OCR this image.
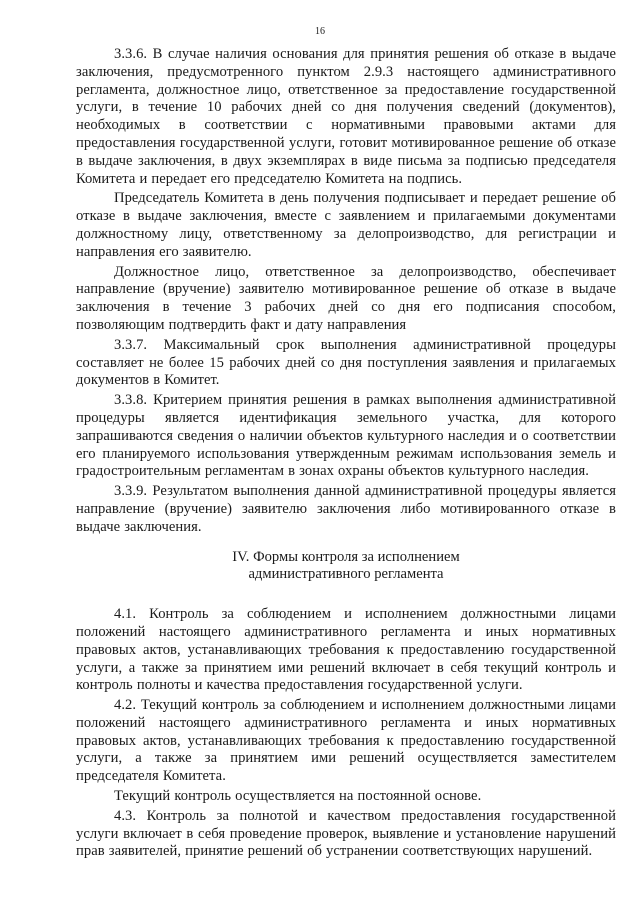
16

3.3.6. В случае наличия основания для принятия решения об отказе в выдаче заключения, предусмотренного пунктом 2.9.3 настоящего административного регламента, должностное лицо, ответственное за предоставление государственной услуги, в течение 10 рабочих дней со дня получения сведений (документов), необходимых в соответствии с нормативными правовыми актами для предоставления государственной услуги, готовит мотивированное решение об отказе в выдаче заключения, в двух экземплярах в виде письма за подписью председателя Комитета и передает его председателю Комитета на подпись.

Председатель Комитета в день получения подписывает и передает решение об отказе в выдаче заключения, вместе с заявлением и прилагаемыми документами должностному лицу, ответственному за делопроизводство, для регистрации и направления его заявителю.

Должностное лицо, ответственное за делопроизводство, обеспечивает направление (вручение) заявителю мотивированное решение об отказе в выдаче заключения в течение 3 рабочих дней со дня его подписания способом, позволяющим подтвердить факт и дату направления

3.3.7. Максимальный срок выполнения административной процедуры составляет не более 15 рабочих дней со дня поступления заявления и прилагаемых документов в Комитет.

3.3.8. Критерием принятия решения в рамках выполнения административной процедуры является идентификация земельного участка, для которого запрашиваются сведения о наличии объектов культурного наследия и о соответствии его планируемого использования утвержденным режимам использования земель и градостроительным регламентам в зонах охраны объектов культурного наследия.

3.3.9. Результатом выполнения данной административной процедуры является направление (вручение) заявителю заключения либо мотивированного отказе в выдаче заключения.

IV. Формы контроля за исполнением
административного регламента

4.1. Контроль за соблюдением и исполнением должностными лицами положений настоящего административного регламента и иных нормативных правовых актов, устанавливающих требования к предоставлению государственной услуги, а также за принятием ими решений включает в себя текущий контроль и контроль полноты и качества предоставления государственной услуги.

4.2. Текущий контроль за соблюдением и исполнением должностными лицами положений настоящего административного регламента и иных нормативных правовых актов, устанавливающих требования к предоставлению государственной услуги, а также за принятием ими решений осуществляется заместителем председателя Комитета.

Текущий контроль осуществляется на постоянной основе.

4.3. Контроль за полнотой и качеством предоставления государственной услуги включает в себя проведение проверок, выявление и установление нарушений прав заявителей, принятие решений об устранении соответствующих нарушений.
